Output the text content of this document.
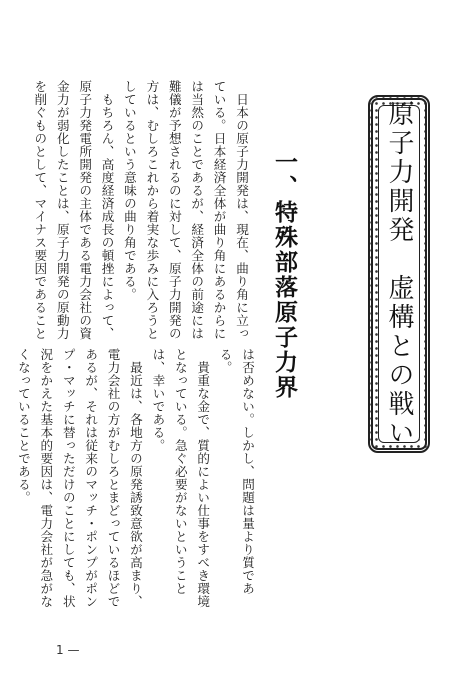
原子力開発　虚構との戦い
一、特殊部落原子力界

　日本の原子力開発は、現在、曲り角に立っている。日本経済全体が曲り角にあるからには当然のことであるが、経済全体の前途には難儀が予想されるのに対して、原子力開発の方は、むしろこれから着実な歩みに入ろうとしているという意味の曲り角である。

　もちろん、高度経済成長の頓挫によって、原子力発電所開発の主体である電力会社の資金力が弱化したことは、原子力開発の原動力を削ぐものとして、マイナス要因であること

は否めない。しかし、問題は量より質である。

　貴重な金で、質的によい仕事をすべき環境となっている。急ぐ必要がないということは、幸いである。

　最近は、各地方の原発誘致意欲が高まり、電力会社の方がむしろとまどっているほどであるが、それは従来のマッチ・ポンプがポンプ・マッチに替っただけのことにしても、状況をかえた基本的要因は、電力会社が急がなくなっていることである。

1 —
